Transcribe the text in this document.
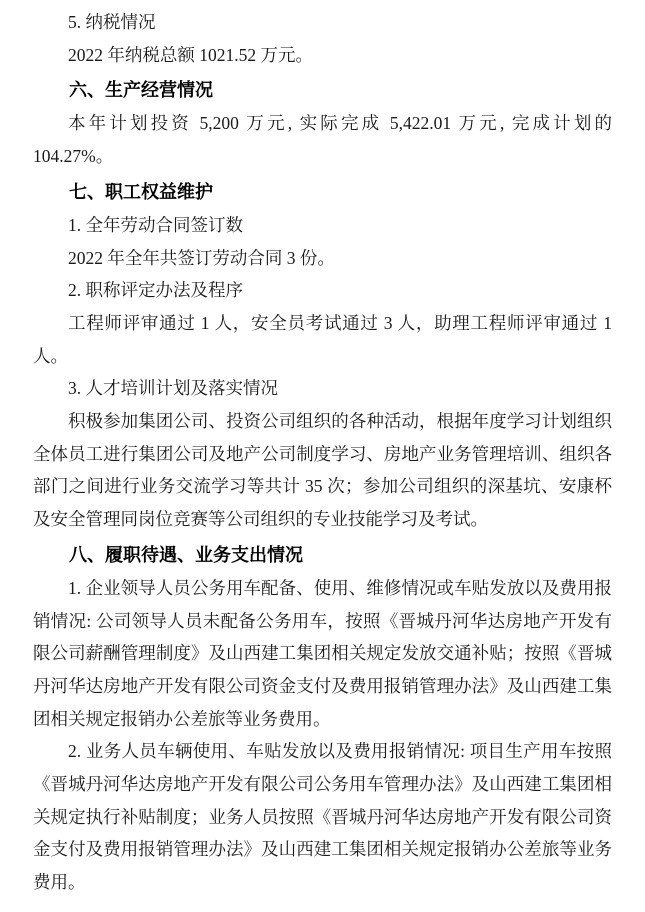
5. 纳税情况

2022 年纳税总额 1021.52 万元。

六、生产经营情况

本年计划投资 5,200 万元, 实际完成 5,422.01 万元, 完成计划的 104.27%。

七、职工权益维护

1. 全年劳动合同签订数

2022 年全年共签订劳动合同 3 份。

2. 职称评定办法及程序

工程师评审通过 1 人，安全员考试通过 3 人，助理工程师评审通过 1 人。

3. 人才培训计划及落实情况

积极参加集团公司、投资公司组织的各种活动，根据年度学习计划组织全体员工进行集团公司及地产公司制度学习、房地产业务管理培训、组织各部门之间进行业务交流学习等共计 35 次；参加公司组织的深基坑、安康杯及安全管理同岗位竞赛等公司组织的专业技能学习及考试。

八、履职待遇、业务支出情况

1. 企业领导人员公务用车配备、使用、维修情况或车贴发放以及费用报销情况: 公司领导人员未配备公务用车，按照《晋城丹河华达房地产开发有限公司薪酬管理制度》及山西建工集团相关规定发放交通补贴；按照《晋城丹河华达房地产开发有限公司资金支付及费用报销管理办法》及山西建工集团相关规定报销办公差旅等业务费用。

2. 业务人员车辆使用、车贴发放以及费用报销情况: 项目生产用车按照《晋城丹河华达房地产开发有限公司公务用车管理办法》及山西建工集团相关规定执行补贴制度；业务人员按照《晋城丹河华达房地产开发有限公司资金支付及费用报销管理办法》及山西建工集团相关规定报销办公差旅等业务费用。
